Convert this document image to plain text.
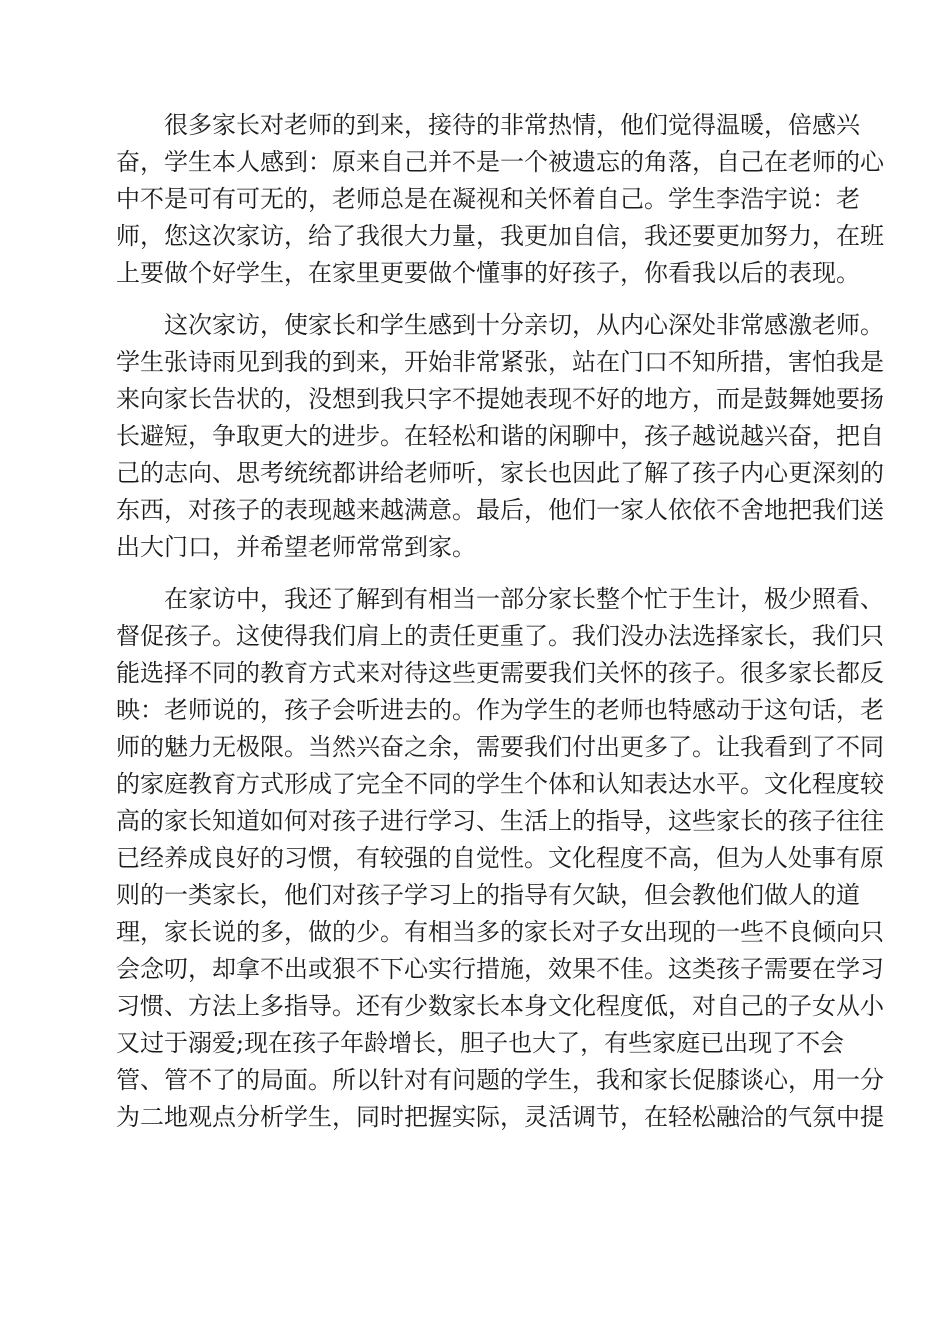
很多家长对老师的到来，接待的非常热情，他们觉得温暖，倍感兴
奋，学生本人感到：原来自己并不是一个被遗忘的角落，自己在老师的心
中不是可有可无的，老师总是在凝视和关怀着自己。学生李浩宇说：老
师，您这次家访，给了我很大力量，我更加自信，我还要更加努力，在班
上要做个好学生，在家里更要做个懂事的好孩子，你看我以后的表现。
这次家访，使家长和学生感到十分亲切，从内心深处非常感激老师。
学生张诗雨见到我的到来，开始非常紧张，站在门口不知所措，害怕我是
来向家长告状的，没想到我只字不提她表现不好的地方，而是鼓舞她要扬
长避短，争取更大的进步。在轻松和谐的闲聊中，孩子越说越兴奋，把自
己的志向、思考统统都讲给老师听，家长也因此了解了孩子内心更深刻的
东西，对孩子的表现越来越满意。最后，他们一家人依依不舍地把我们送
出大门口，并希望老师常常到家。
在家访中，我还了解到有相当一部分家长整个忙于生计，极少照看、
督促孩子。这使得我们肩上的责任更重了。我们没办法选择家长，我们只
能选择不同的教育方式来对待这些更需要我们关怀的孩子。很多家长都反
映：老师说的，孩子会听进去的。作为学生的老师也特感动于这句话，老
师的魅力无极限。当然兴奋之余，需要我们付出更多了。让我看到了不同
的家庭教育方式形成了完全不同的学生个体和认知表达水平。文化程度较
高的家长知道如何对孩子进行学习、生活上的指导，这些家长的孩子往往
已经养成良好的习惯，有较强的自觉性。文化程度不高，但为人处事有原
则的一类家长，他们对孩子学习上的指导有欠缺，但会教他们做人的道
理，家长说的多，做的少。有相当多的家长对子女出现的一些不良倾向只
会念叨，却拿不出或狠不下心实行措施，效果不佳。这类孩子需要在学习
习惯、方法上多指导。还有少数家长本身文化程度低，对自己的子女从小
又过于溺爱;现在孩子年龄增长，胆子也大了，有些家庭已出现了不会
管、管不了的局面。所以针对有问题的学生，我和家长促膝谈心，用一分
为二地观点分析学生，同时把握实际，灵活调节，在轻松融洽的气氛中提
